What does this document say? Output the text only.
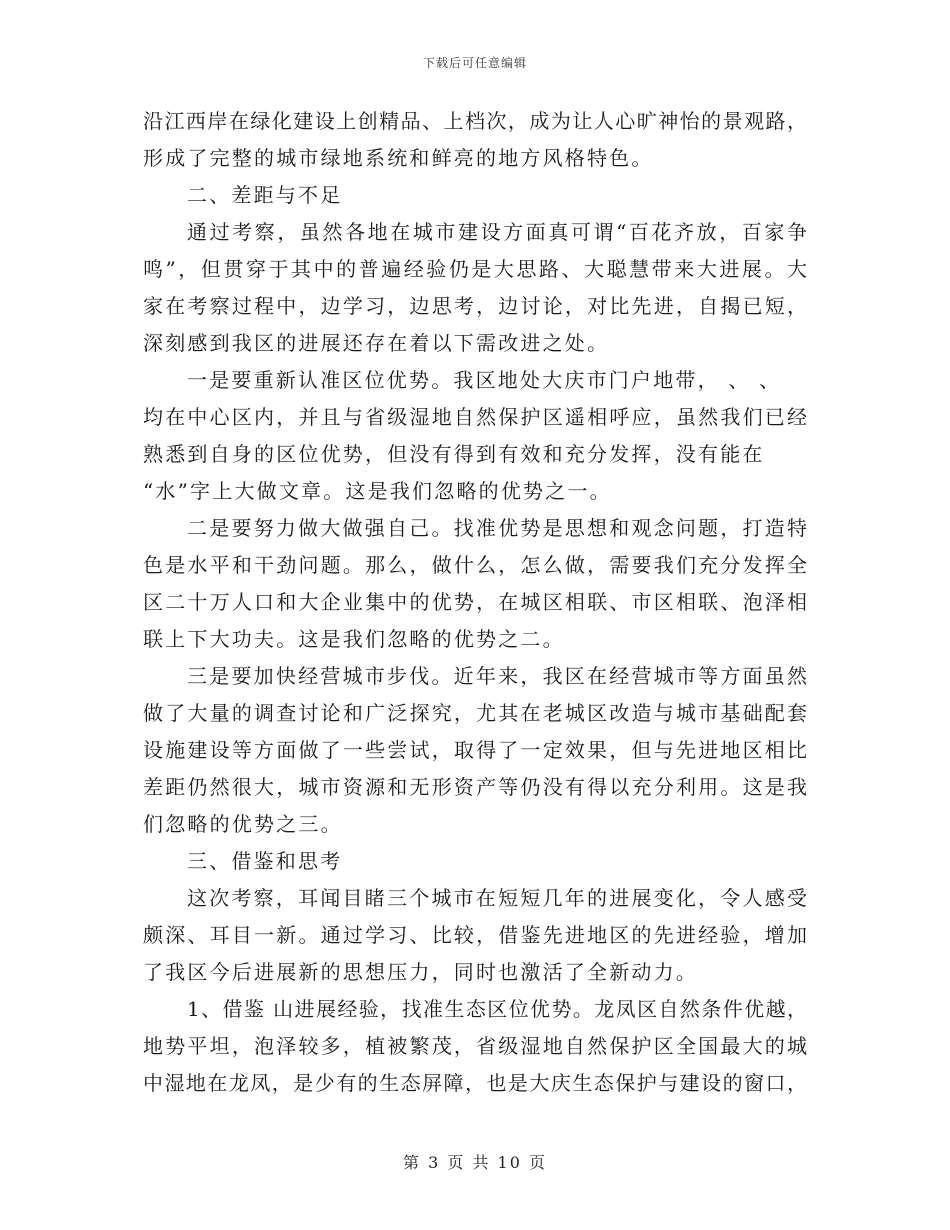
下载后可任意编辑
沿江西岸在绿化建设上创精品、上档次，成为让人心旷神怡的景观路，
形成了完整的城市绿地系统和鲜亮的地方风格特色。
二、差距与不足
通过考察，虽然各地在城市建设方面真可谓“百花齐放，百家争
鸣”，但贯穿于其中的普遍经验仍是大思路、大聪慧带来大进展。大
家在考察过程中，边学习，边思考，边讨论，对比先进，自揭已短，
深刻感到我区的进展还存在着以下需改进之处。
一是要重新认准区位优势。我区地处大庆市门户地带， 、 、
均在中心区内，并且与省级湿地自然保护区遥相呼应，虽然我们已经
熟悉到自身的区位优势，但没有得到有效和充分发挥，没有能在
“水”字上大做文章。这是我们忽略的优势之一。
二是要努力做大做强自己。找准优势是思想和观念问题，打造特
色是水平和干劲问题。那么，做什么，怎么做，需要我们充分发挥全
区二十万人口和大企业集中的优势，在城区相联、市区相联、泡泽相
联上下大功夫。这是我们忽略的优势之二。
三是要加快经营城市步伐。近年来，我区在经营城市等方面虽然
做了大量的调查讨论和广泛探究，尤其在老城区改造与城市基础配套
设施建设等方面做了一些尝试，取得了一定效果，但与先进地区相比
差距仍然很大，城市资源和无形资产等仍没有得以充分利用。这是我
们忽略的优势之三。
三、借鉴和思考
这次考察，耳闻目睹三个城市在短短几年的进展变化，令人感受
颇深、耳目一新。通过学习、比较，借鉴先进地区的先进经验，增加
了我区今后进展新的思想压力，同时也激活了全新动力。
1、借鉴 山进展经验，找准生态区位优势。龙凤区自然条件优越，
地势平坦，泡泽较多，植被繁茂，省级湿地自然保护区全国最大的城
中湿地在龙凤，是少有的生态屏障，也是大庆生态保护与建设的窗口，
第 3 页 共 10 页
